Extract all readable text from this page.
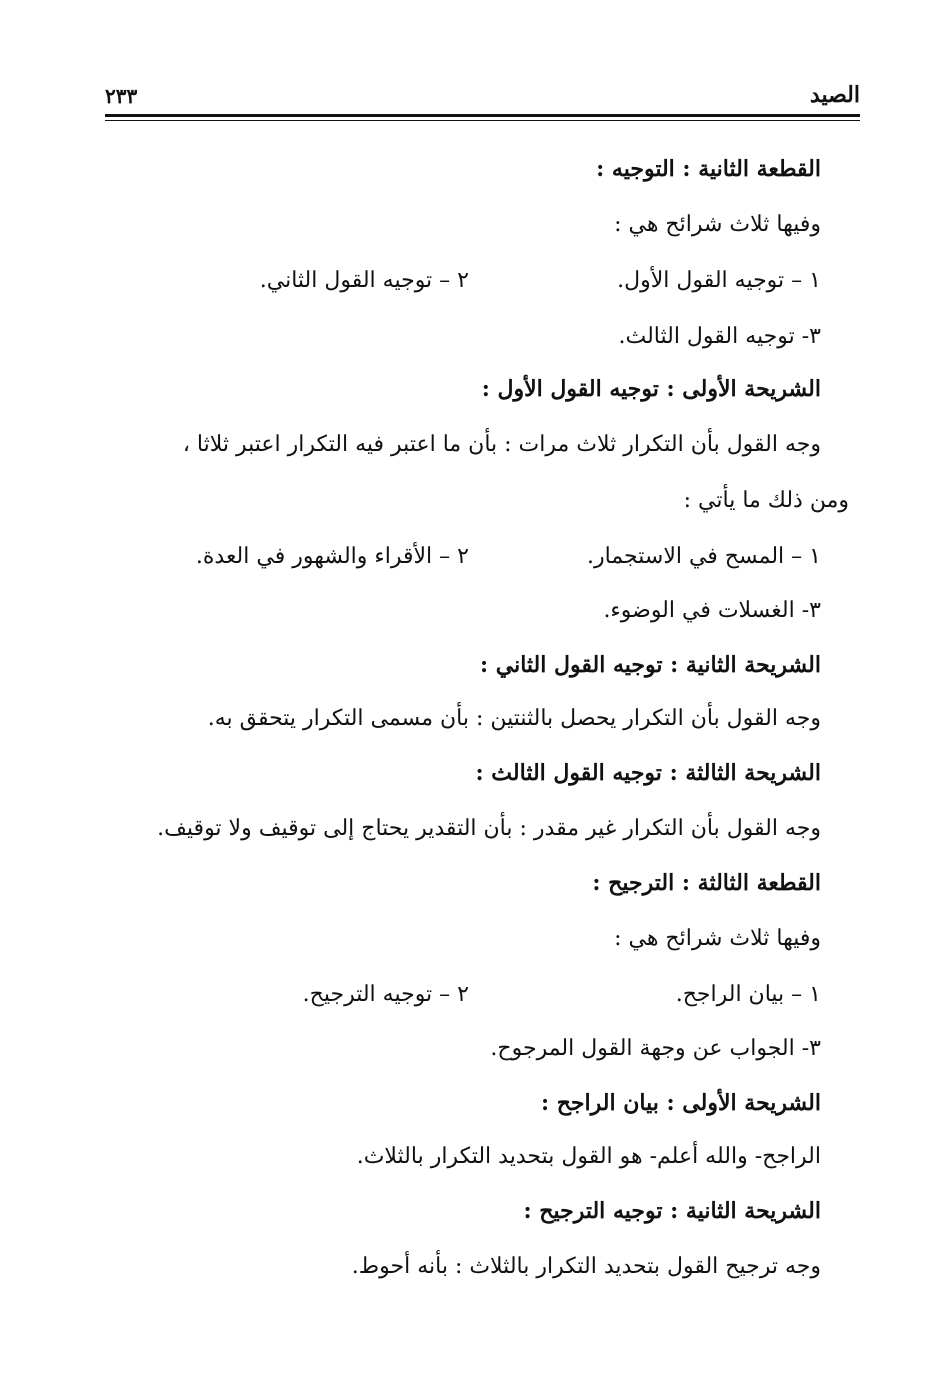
الصيد
٢٣٣
القطعة الثانية : التوجيه :
وفيها ثلاث شرائح هي :
١ – توجيه القول الأول.
٢ – توجيه القول الثاني.
٣- توجيه القول الثالث.
الشريحة الأولى : توجيه القول الأول :
وجه القول بأن التكرار ثلاث مرات : بأن ما اعتبر فيه التكرار اعتبر ثلاثا ،
ومن ذلك ما يأتي :
١ – المسح في الاستجمار.
٢ – الأقراء والشهور في العدة.
٣- الغسلات في الوضوء.
الشريحة الثانية : توجيه القول الثاني :
وجه القول بأن التكرار يحصل بالثنتين : بأن مسمى التكرار يتحقق به.
الشريحة الثالثة : توجيه القول الثالث :
وجه القول بأن التكرار غير مقدر : بأن التقدير يحتاج إلى توقيف ولا توقيف.
القطعة الثالثة : الترجيح :
وفيها ثلاث شرائح هي :
١ – بيان الراجح.
٢ – توجيه الترجيح.
٣- الجواب عن وجهة القول المرجوح.
الشريحة الأولى : بيان الراجح :
الراجح- والله أعلم- هو القول بتحديد التكرار بالثلاث.
الشريحة الثانية : توجيه الترجيح :
وجه ترجيح القول بتحديد التكرار بالثلاث : بأنه أحوط.
